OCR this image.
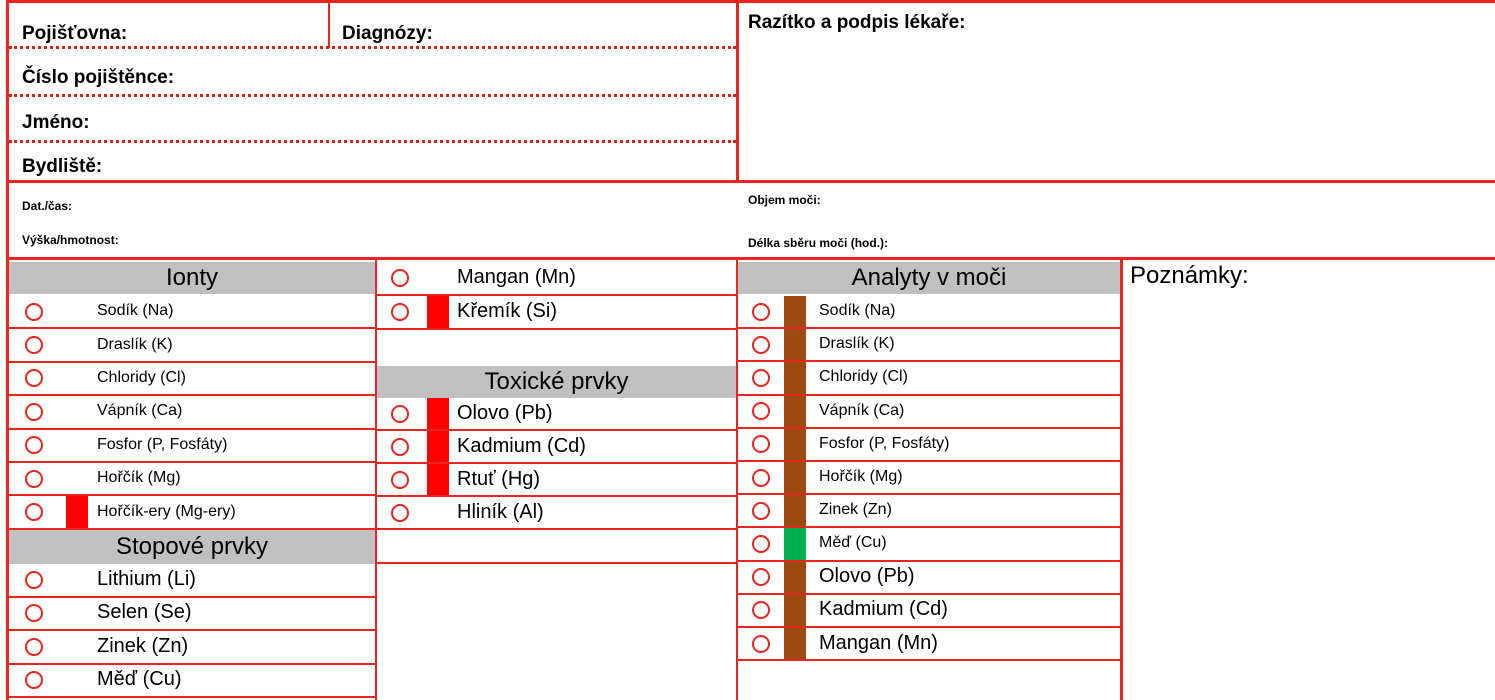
Pojišťovna:	Diagnózy:
Číslo pojištěnce:
Jméno:
Bydliště:
Razítko a podpis lékaře:
Dat./čas:
Výška/hmotnost:
Objem moči:
Délka sběru moči (hod.):
Ionty
Sodík (Na)
Draslík (K)
Chloridy (Cl)
Vápník (Ca)
Fosfor (P, Fosfáty)
Hořčík (Mg)
Hořčík-ery (Mg-ery)
Stopové prvky
Lithium (Li)
Selen (Se)
Zinek (Zn)
Měď (Cu)
Mangan (Mn)
Křemík (Si)
Toxické prvky
Olovo (Pb)
Kadmium (Cd)
Rtuť (Hg)
Hliník (Al)
Analyty v moči
Sodík (Na)
Draslík (K)
Chloridy (Cl)
Vápník (Ca)
Fosfor (P, Fosfáty)
Hořčík (Mg)
Zinek (Zn)
Měď (Cu)
Olovo (Pb)
Kadmium (Cd)
Mangan (Mn)
Poznámky:
